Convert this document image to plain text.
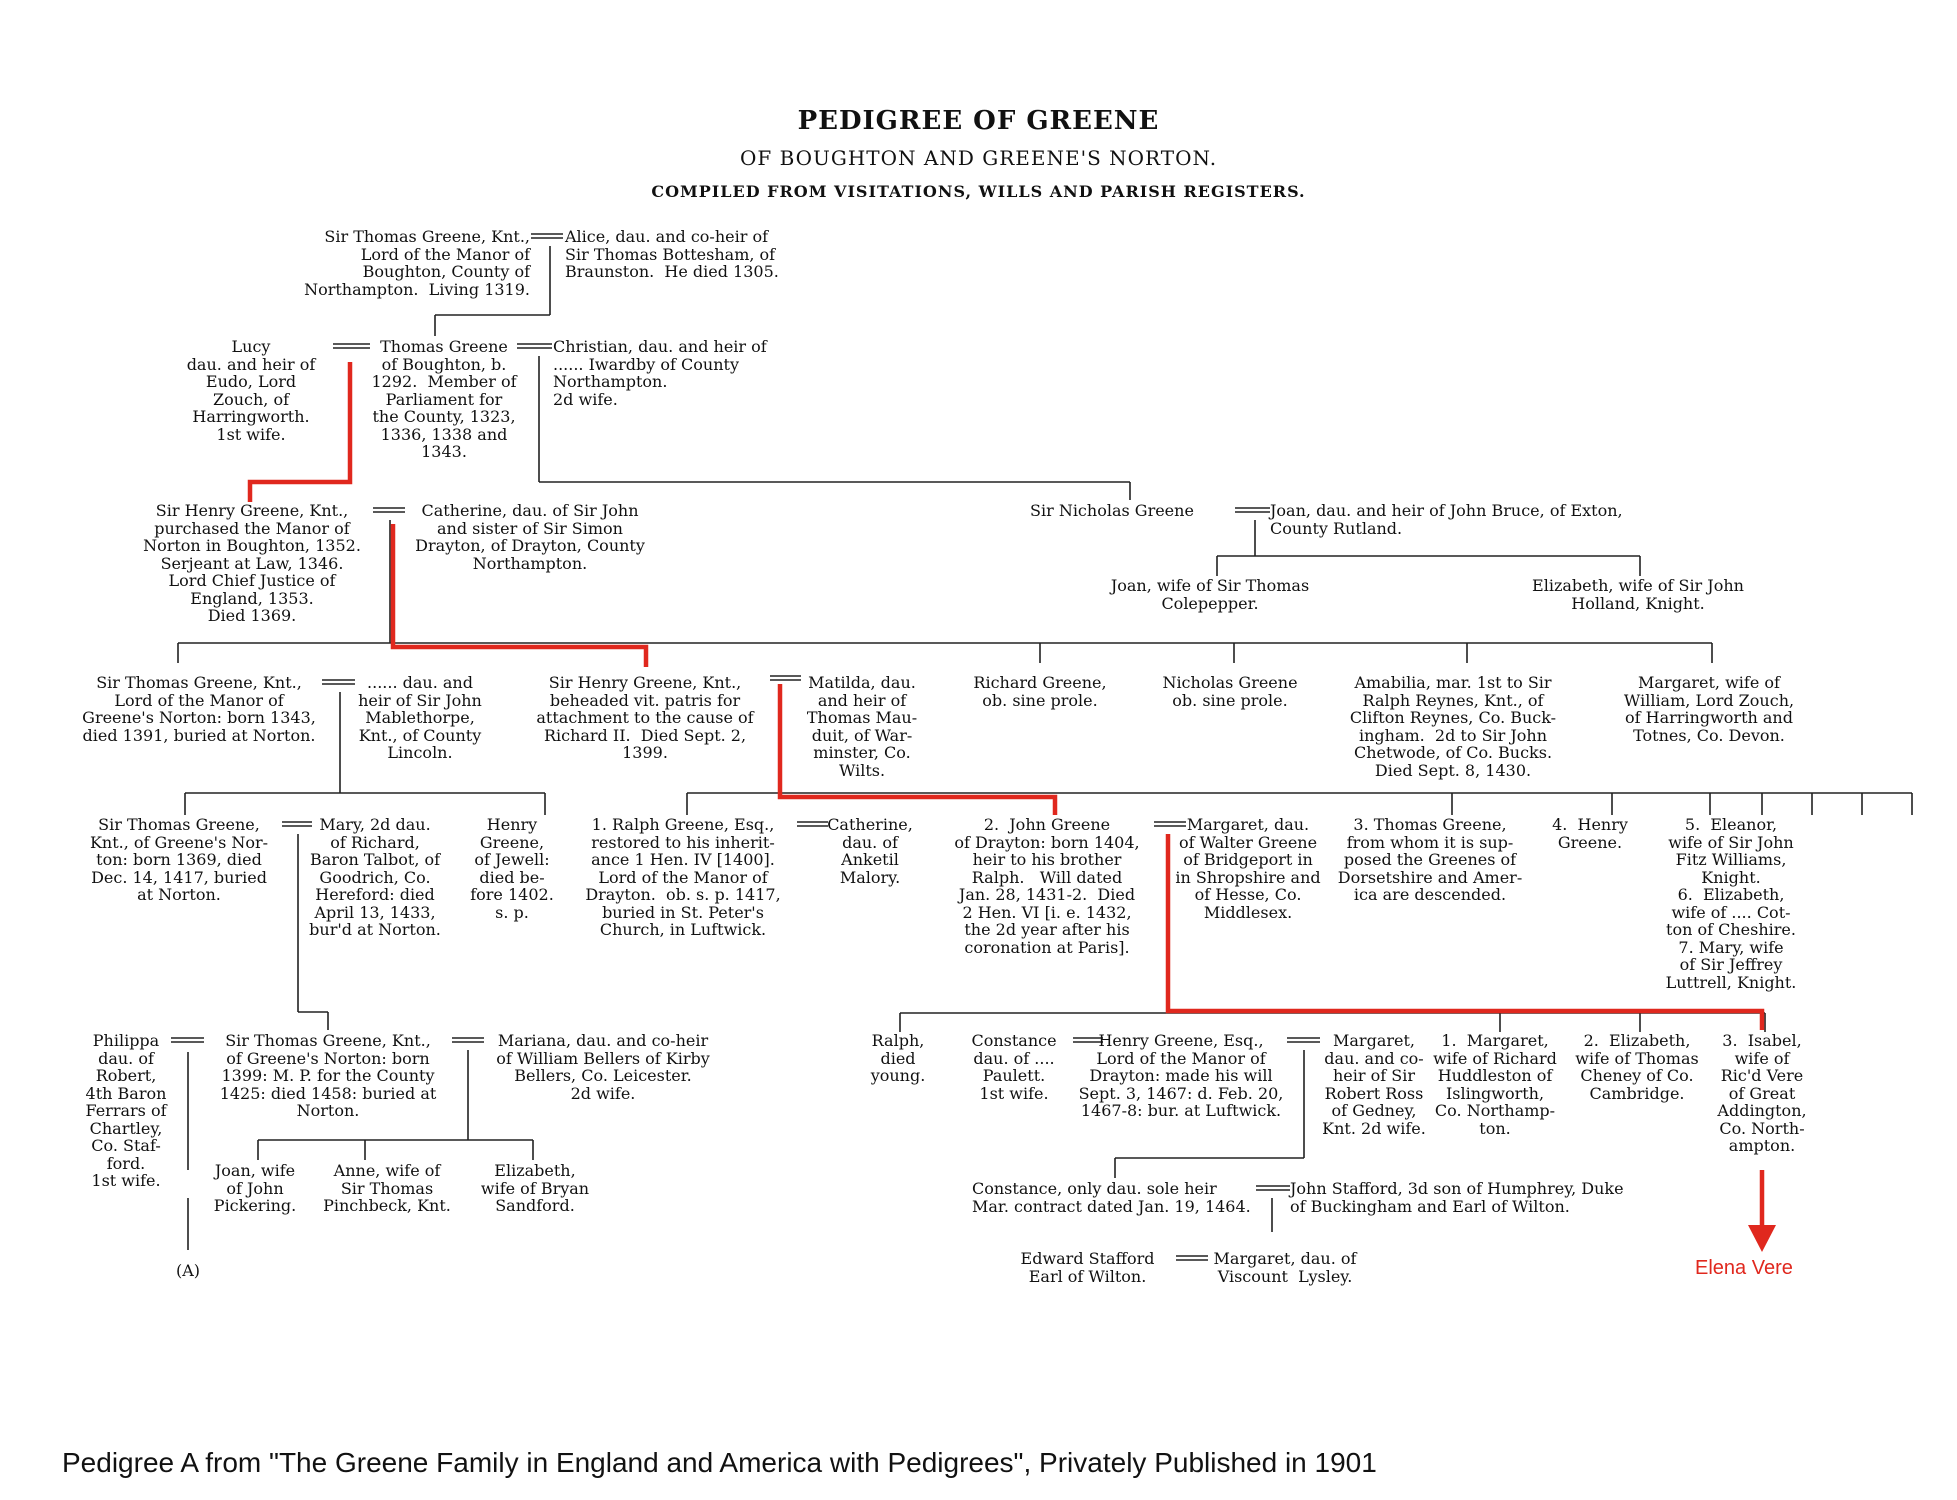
PEDIGREE OF GREENE
OF BOUGHTON AND GREENE'S NORTON.
COMPILED FROM VISITATIONS, WILLS AND PARISH REGISTERS.
Sir Thomas Greene, Knt.,
Lord of the Manor of
Boughton, County of
Northampton.  Living 1319.
Alice, dau. and co-heir of
Sir Thomas Bottesham, of
Braunston.  He died 1305.
Lucy
dau. and heir of
Eudo, Lord
Zouch, of
Harringworth.
1st wife.
Thomas Greene
of Boughton, b.
1292.  Member of
Parliament for
the County, 1323,
1336, 1338 and
1343.
Christian, dau. and heir of
...... Iwardby of County
Northampton.
2d wife.
Sir Henry Greene, Knt.,
purchased the Manor of
Norton in Boughton, 1352.
Serjeant at Law, 1346.
Lord Chief Justice of
England, 1353.
Died 1369.
Catherine, dau. of Sir John
and sister of Sir Simon
Drayton, of Drayton, County
Northampton.
Sir Nicholas Greene	Joan, dau. and heir of John Bruce, of Exton,
County Rutland.
Joan, wife of Sir Thomas
Colepepper.
Elizabeth, wife of Sir John
Holland, Knight.
Sir Thomas Greene, Knt.,
Lord of the Manor of
Greene's Norton: born 1343,
died 1391, buried at Norton.
...... dau. and
heir of Sir John
Mablethorpe,
Knt., of County
Lincoln.
Sir Henry Greene, Knt.,
beheaded vit. patris for
attachment to the cause of
Richard II.  Died Sept. 2,
1399.
Matilda, dau.
and heir of
Thomas Mau-
duit, of War-
minster, Co.
Wilts.
Richard Greene,
ob. sine prole.
Nicholas Greene
ob. sine prole.
Amabilia, mar. 1st to Sir
Ralph Reynes, Knt., of
Clifton Reynes, Co. Buck-
ingham.  2d to Sir John
Chetwode, of Co. Bucks.
Died Sept. 8, 1430.
Margaret, wife of
William, Lord Zouch,
of Harringworth and
Totnes, Co. Devon.
Sir Thomas Greene,
Knt., of Greene's Nor-
ton: born 1369, died
Dec. 14, 1417, buried
at Norton.
Mary, 2d dau.
of Richard,
Baron Talbot, of
Goodrich, Co.
Hereford: died
April 13, 1433,
bur'd at Norton.
Henry
Greene,
of Jewell:
died be-
fore 1402.
s. p.
1. Ralph Greene, Esq.,
restored to his inherit-
ance 1 Hen. IV [1400].
Lord of the Manor of
Drayton.  ob. s. p. 1417,
buried in St. Peter's
Church, in Luftwick.
Catherine,
dau. of
Anketil
Malory.
2.  John Greene
of Drayton: born 1404,
heir to his brother
Ralph.   Will dated
Jan. 28, 1431-2.  Died
2 Hen. VI [i. e. 1432,
the 2d year after his
coronation at Paris].
Margaret, dau.
of Walter Greene
of Bridgeport in
in Shropshire and
of Hesse, Co.
Middlesex.
3. Thomas Greene,
from whom it is sup-
posed the Greenes of
Dorsetshire and Amer-
ica are descended.
4.  Henry
Greene.
5.  Eleanor,
wife of Sir John
Fitz Williams,
Knight.
6.  Elizabeth,
wife of .... Cot-
ton of Cheshire.
7. Mary, wife
of Sir Jeffrey
Luttrell, Knight.
Philippa
dau. of
Robert,
4th Baron
Ferrars of
Chartley,
Co. Staf-
ford.
1st wife.
Sir Thomas Greene, Knt.,
of Greene's Norton: born
1399: M. P. for the County
1425: died 1458: buried at
Norton.
Mariana, dau. and co-heir
of William Bellers of Kirby
Bellers, Co. Leicester.
2d wife.
Joan, wife
of John
Pickering.
Anne, wife of
Sir Thomas
Pinchbeck, Knt.
Elizabeth,
wife of Bryan
Sandford.
(A)
Ralph,
died
young.
Constance
dau. of ....
Paulett.
1st wife.
Henry Greene, Esq.,
Lord of the Manor of
Drayton: made his will
Sept. 3, 1467: d. Feb. 20,
1467-8: bur. at Luftwick.
Margaret,
dau. and co-
heir of Sir
Robert Ross
of Gedney,
Knt. 2d wife.
1.  Margaret,
wife of Richard
Huddleston of
Islingworth,
Co. Northamp-
ton.
2.  Elizabeth,
wife of Thomas
Cheney of Co.
Cambridge.
3.  Isabel,
wife of
Ric'd Vere
of Great
Addington,
Co. North-
ampton.
Constance, only dau. sole heir
Mar. contract dated Jan. 19, 1464.
John Stafford, 3d son of Humphrey, Duke
of Buckingham and Earl of Wilton.
Edward Stafford
Earl of Wilton.
Margaret, dau. of
Viscount  Lysley.	Elena Vere
Pedigree A from "The Greene Family in England and America with Pedigrees", Privately Published in 1901
